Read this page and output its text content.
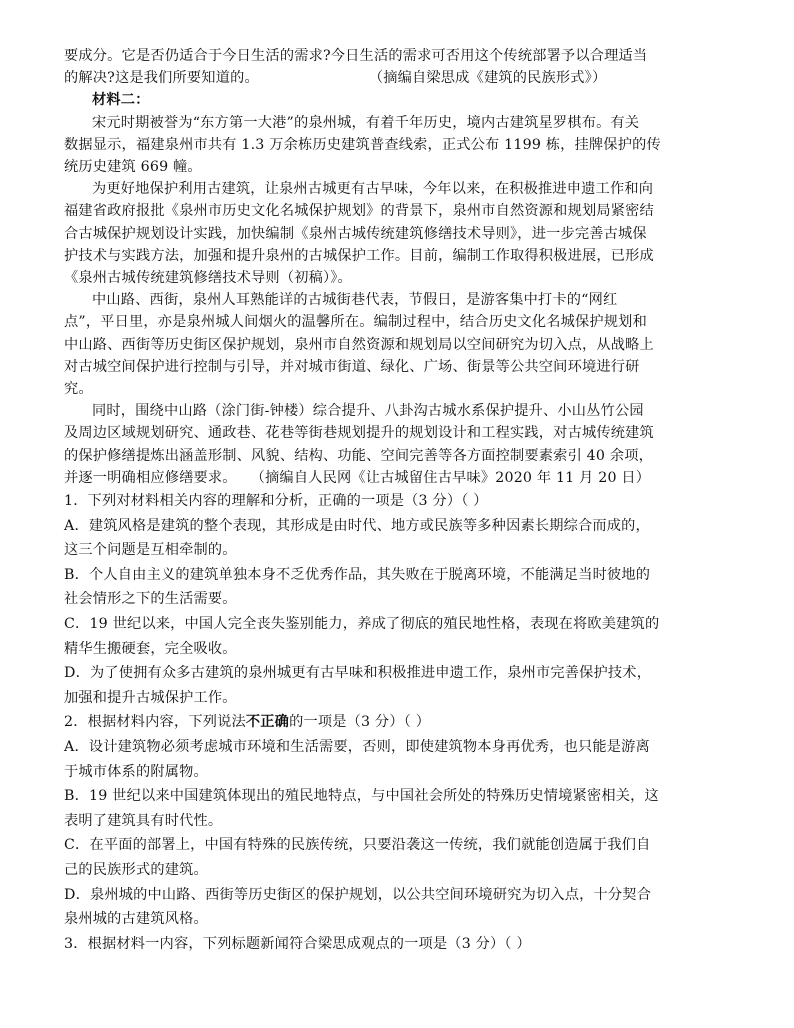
要成分。它是否仍适合于今日生活的需求?今日生活的需求可否用这个传统部署予以合理适当
的解决?这是我们所要知道的。	（摘编自梁思成《建筑的民族形式》）
材料二：
宋元时期被誉为“东方第一大港”的泉州城，有着千年历史，境内古建筑星罗棋布。有关
数据显示，福建泉州市共有 1.3 万余栋历史建筑普查线索，正式公布 1199 栋，挂牌保护的传
统历史建筑 669 幢。
为更好地保护利用古建筑，让泉州古城更有古早味，今年以来，在积极推进申遗工作和向
福建省政府报批《泉州市历史文化名城保护规划》的背景下，泉州市自然资源和规划局紧密结
合古城保护规划设计实践，加快编制《泉州古城传统建筑修缮技术导则》，进一步完善古城保
护技术与实践方法，加强和提升泉州的古城保护工作。目前，编制工作取得积极进展，已形成
《泉州古城传统建筑修缮技术导则（初稿）》。
中山路、西街，泉州人耳熟能详的古城街巷代表，节假日，是游客集中打卡的“网红
点”，平日里，亦是泉州城人间烟火的温馨所在。编制过程中，结合历史文化名城保护规划和
中山路、西街等历史街区保护规划，泉州市自然资源和规划局以空间研究为切入点，从战略上
对古城空间保护进行控制与引导，并对城市街道、绿化、广场、街景等公共空间环境进行研
究。
同时，围绕中山路（涂门街-钟楼）综合提升、八卦沟古城水系保护提升、小山丛竹公园
及周边区域规划研究、通政巷、花巷等街巷规划提升的规划设计和工程实践，对古城传统建筑
的保护修缮提炼出涵盖形制、风貌、结构、功能、空间完善等各方面控制要素索引 40 余项，
并逐一明确相应修缮要求。 （摘编自人民网《让古城留住古早味》2020 年 11 月 20 日）
1．下列对材料相关内容的理解和分析，正确的一项是（3 分）（ ）
A．建筑风格是建筑的整个表现，其形成是由时代、地方或民族等多种因素长期综合而成的，
这三个问题是互相牵制的。
B．个人自由主义的建筑单独本身不乏优秀作品，其失败在于脱离环境，不能满足当时彼地的
社会情形之下的生活需要。
C．19 世纪以来，中国人完全丧失鉴别能力，养成了彻底的殖民地性格，表现在将欧美建筑的
精华生搬硬套，完全吸收。
D．为了使拥有众多古建筑的泉州城更有古早味和积极推进申遗工作，泉州市完善保护技术，
加强和提升古城保护工作。
2．根据材料内容，下列说法不正确的一项是（3 分）（ ）
A．设计建筑物必须考虑城市环境和生活需要，否则，即使建筑物本身再优秀，也只能是游离
于城市体系的附属物。
B．19 世纪以来中国建筑体现出的殖民地特点，与中国社会所处的特殊历史情境紧密相关，这
表明了建筑具有时代性。
C．在平面的部署上，中国有特殊的民族传统，只要沿袭这一传统，我们就能创造属于我们自
己的民族形式的建筑。
D．泉州城的中山路、西街等历史街区的保护规划，以公共空间环境研究为切入点，十分契合
泉州城的古建筑风格。
3．根据材料一内容，下列标题新闻符合梁思成观点的一项是（3 分）（ ）
